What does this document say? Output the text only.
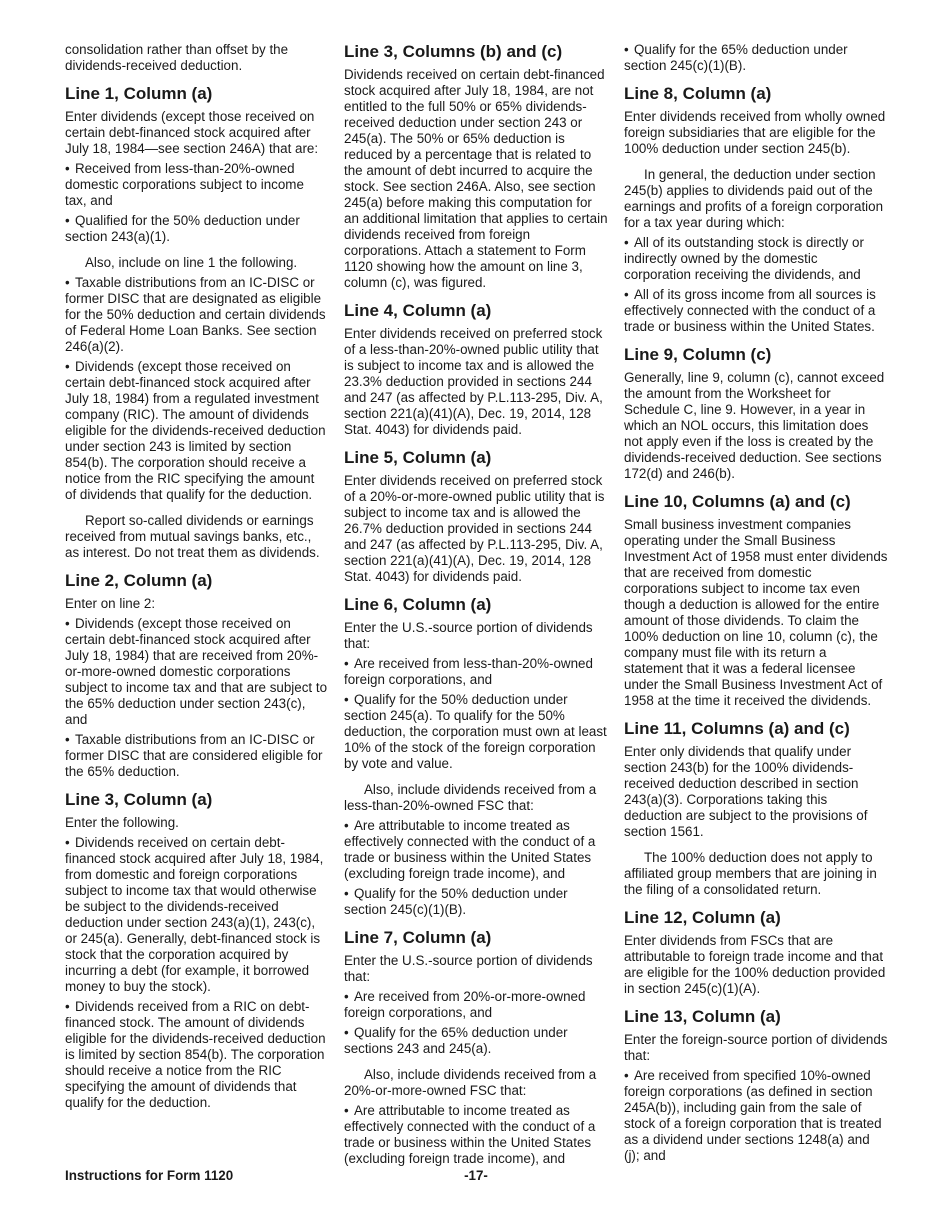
consolidation rather than offset by the dividends-received deduction.

Line 1, Column (a)

Enter dividends (except those received on certain debt-financed stock acquired after July 18, 1984—see section 246A) that are:

• Received from less-than-20%-owned domestic corporations subject to income tax, and

• Qualified for the 50% deduction under section 243(a)(1).

Also, include on line 1 the following.

• Taxable distributions from an IC-DISC or former DISC that are designated as eligible for the 50% deduction and certain dividends of Federal Home Loan Banks. See section 246(a)(2).

• Dividends (except those received on certain debt-financed stock acquired after July 18, 1984) from a regulated investment company (RIC). The amount of dividends eligible for the dividends-received deduction under section 243 is limited by section 854(b). The corporation should receive a notice from the RIC specifying the amount of dividends that qualify for the deduction.

Report so-called dividends or earnings received from mutual savings banks, etc., as interest. Do not treat them as dividends.

Line 2, Column (a)

Enter on line 2:

• Dividends (except those received on certain debt-financed stock acquired after July 18, 1984) that are received from 20%-or-more-owned domestic corporations subject to income tax and that are subject to the 65% deduction under section 243(c), and

• Taxable distributions from an IC-DISC or former DISC that are considered eligible for the 65% deduction.

Line 3, Column (a)

Enter the following.

• Dividends received on certain debt-financed stock acquired after July 18, 1984, from domestic and foreign corporations subject to income tax that would otherwise be subject to the dividends-received deduction under section 243(a)(1), 243(c), or 245(a). Generally, debt-financed stock is stock that the corporation acquired by incurring a debt (for example, it borrowed money to buy the stock).

• Dividends received from a RIC on debt-financed stock. The amount of dividends eligible for the dividends-received deduction is limited by section 854(b). The corporation should receive a notice from the RIC specifying the amount of dividends that qualify for the deduction.

Line 3, Columns (b) and (c)

Dividends received on certain debt-financed stock acquired after July 18, 1984, are not entitled to the full 50% or 65% dividends-received deduction under section 243 or 245(a). The 50% or 65% deduction is reduced by a percentage that is related to the amount of debt incurred to acquire the stock. See section 246A. Also, see section 245(a) before making this computation for an additional limitation that applies to certain dividends received from foreign corporations. Attach a statement to Form 1120 showing how the amount on line 3, column (c), was figured.

Line 4, Column (a)

Enter dividends received on preferred stock of a less-than-20%-owned public utility that is subject to income tax and is allowed the 23.3% deduction provided in sections 244 and 247 (as affected by P.L.113-295, Div. A, section 221(a)(41)(A), Dec. 19, 2014, 128 Stat. 4043) for dividends paid.

Line 5, Column (a)

Enter dividends received on preferred stock of a 20%-or-more-owned public utility that is subject to income tax and is allowed the 26.7% deduction provided in sections 244 and 247 (as affected by P.L.113-295, Div. A, section 221(a)(41)(A), Dec. 19, 2014, 128 Stat. 4043) for dividends paid.

Line 6, Column (a)

Enter the U.S.-source portion of dividends that:

• Are received from less-than-20%-owned foreign corporations, and

• Qualify for the 50% deduction under section 245(a). To qualify for the 50% deduction, the corporation must own at least 10% of the stock of the foreign corporation by vote and value.

Also, include dividends received from a less-than-20%-owned FSC that:

• Are attributable to income treated as effectively connected with the conduct of a trade or business within the United States (excluding foreign trade income), and

• Qualify for the 50% deduction under section 245(c)(1)(B).

Line 7, Column (a)

Enter the U.S.-source portion of dividends that:

• Are received from 20%-or-more-owned foreign corporations, and

• Qualify for the 65% deduction under sections 243 and 245(a).

Also, include dividends received from a 20%-or-more-owned FSC that:

• Are attributable to income treated as effectively connected with the conduct of a trade or business within the United States (excluding foreign trade income), and

• Qualify for the 65% deduction under section 245(c)(1)(B).

Line 8, Column (a)

Enter dividends received from wholly owned foreign subsidiaries that are eligible for the 100% deduction under section 245(b).

In general, the deduction under section 245(b) applies to dividends paid out of the earnings and profits of a foreign corporation for a tax year during which:

• All of its outstanding stock is directly or indirectly owned by the domestic corporation receiving the dividends, and

• All of its gross income from all sources is effectively connected with the conduct of a trade or business within the United States.

Line 9, Column (c)

Generally, line 9, column (c), cannot exceed the amount from the Worksheet for Schedule C, line 9. However, in a year in which an NOL occurs, this limitation does not apply even if the loss is created by the dividends-received deduction. See sections 172(d) and 246(b).

Line 10, Columns (a) and (c)

Small business investment companies operating under the Small Business Investment Act of 1958 must enter dividends that are received from domestic corporations subject to income tax even though a deduction is allowed for the entire amount of those dividends. To claim the 100% deduction on line 10, column (c), the company must file with its return a statement that it was a federal licensee under the Small Business Investment Act of 1958 at the time it received the dividends.

Line 11, Columns (a) and (c)

Enter only dividends that qualify under section 243(b) for the 100% dividends-received deduction described in section 243(a)(3). Corporations taking this deduction are subject to the provisions of section 1561.

The 100% deduction does not apply to affiliated group members that are joining in the filing of a consolidated return.

Line 12, Column (a)

Enter dividends from FSCs that are attributable to foreign trade income and that are eligible for the 100% deduction provided in section 245(c)(1)(A).

Line 13, Column (a)

Enter the foreign-source portion of dividends that:

• Are received from specified 10%-owned foreign corporations (as defined in section 245A(b)), including gain from the sale of stock of a foreign corporation that is treated as a dividend under sections 1248(a) and (j); and

Instructions for Form 1120	-17-
